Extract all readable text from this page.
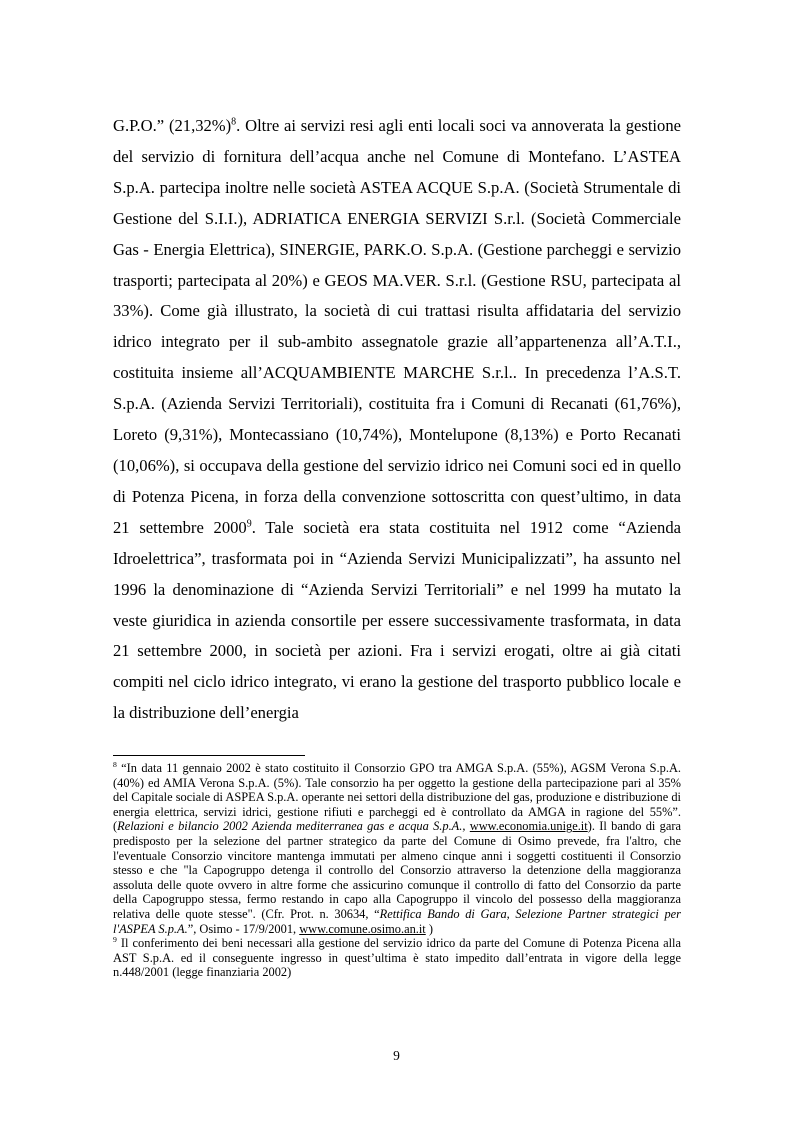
G.P.O.” $(21,32\%)^8$. Oltre ai servizi resi agli enti locali soci va annoverata la gestione del servizio di fornitura dell’acqua anche nel Comune di Montefano. L’ASTEA S.p.A. partecipa inoltre nelle società ASTEA ACQUE S.p.A. (Società Strumentale di Gestione del S.I.I.), ADRIATICA ENERGIA SERVIZI S.r.l. (Società Commerciale Gas - Energia Elettrica), SINERGIE, PARK.O. S.p.A. (Gestione parcheggi e servizio trasporti; partecipata al 20%) e GEOS MA.VER. S.r.l. (Gestione RSU, partecipata al 33%). Come già illustrato, la società di cui trattasi risulta affidataria del servizio idrico integrato per il sub-ambito assegnatole grazie all’appartenenza all’A.T.I., costituita insieme all’ACQUAMBIENTE MARCHE S.r.l.. In precedenza l’A.S.T. S.p.A. (Azienda Servizi Territoriali), costituita fra i Comuni di Recanati (61,76%), Loreto (9,31%), Montecassiano (10,74%), Montelupone (8,13%) e Porto Recanati (10,06%), si occupava della gestione del servizio idrico nei Comuni soci ed in quello di Potenza Picena, in forza della convenzione sottoscritta con quest’ultimo, in data 21 settembre 2000$^9$. Tale società era stata costituita nel 1912 come “Azienda Idroelettrica”, trasformata poi in “Azienda Servizi Municipalizzati”, ha assunto nel 1996 la denominazione di “Azienda Servizi Territoriali” e nel 1999 ha mutato la veste giuridica in azienda consortile per essere successivamente trasformata, in data 21 settembre 2000, in società per azioni. Fra i servizi erogati, oltre ai già citati compiti nel ciclo idrico integrato, vi erano la gestione del trasporto pubblico locale e la distribuzione dell’energia

$^8$ “In data 11 gennaio 2002 è stato costituito il Consorzio GPO tra AMGA S.p.A. (55%), AGSM Verona S.p.A. (40%) ed AMIA Verona S.p.A. (5%). Tale consorzio ha per oggetto la gestione della partecipazione pari al 35% del Capitale sociale di ASPEA S.p.A. operante nei settori della distribuzione del gas, produzione e distribuzione di energia elettrica, servizi idrici, gestione rifiuti e parcheggi ed è controllato da AMGA in ragione del 55%”. (Relazioni e bilancio 2002 Azienda mediterranea gas e acqua S.p.A., www.economia.unige.it). Il bando di gara predisposto per la selezione del partner strategico da parte del Comune di Osimo prevede, fra l'altro, che l'eventuale Consorzio vincitore mantenga immutati per almeno cinque anni i soggetti costituenti il Consorzio stesso e che "la Capogruppo detenga il controllo del Consorzio attraverso la detenzione della maggioranza assoluta delle quote ovvero in altre forme che assicurino comunque il controllo di fatto del Consorzio da parte della Capogruppo stessa, fermo restando in capo alla Capogruppo il vincolo del possesso della maggioranza relativa delle quote stesse". (Cfr. Prot. n. 30634, “Rettifica Bando di Gara, Selezione Partner strategici per l'ASPEA S.p.A.”, Osimo - 17/9/2001, www.comune.osimo.an.it )

$^9$ Il conferimento dei beni necessari alla gestione del servizio idrico da parte del Comune di Potenza Picena alla AST S.p.A. ed il conseguente ingresso in quest’ultima è stato impedito dall’entrata in vigore della legge n.448/2001 (legge finanziaria 2002)

9
